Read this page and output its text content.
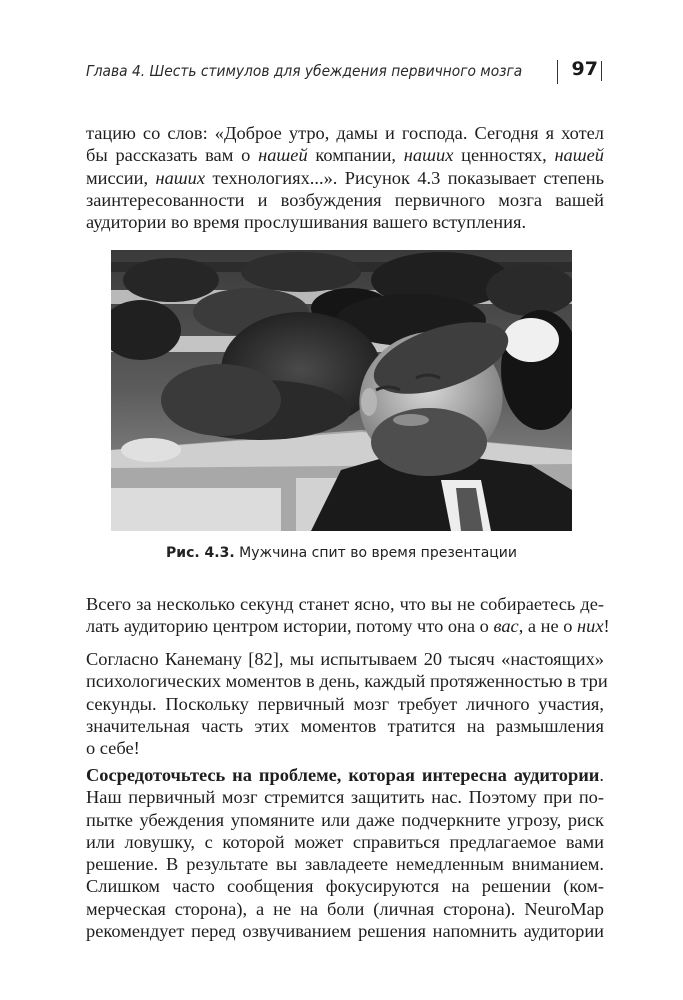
Глава 4. Шесть стимулов для убеждения первичного мозга	97

тацию со слов: «Доброе утро, дамы и господа. Сегодня я хотел
бы рассказать вам о нашей компании, наших ценностях, нашей
миссии, наших технологиях...». Рисунок 4.3 показывает степень
заинтересованности и возбуждения первичного мозга вашей
аудитории во время прослушивания вашего вступления.

Рис. 4.3. Мужчина спит во время презентации

Всего за несколько секунд станет ясно, что вы не собираетесь де-
лать аудиторию центром истории, потому что она о вас, а не о них!

Согласно Канеману [82], мы испытываем 20 тысяч «настоящих»
психологических моментов в день, каждый протяженностью в три
секунды. Поскольку первичный мозг требует личного участия,
значительная часть этих моментов тратится на размышления
о себе!

Сосредоточьтесь на проблеме, которая интересна аудитории.
Наш первичный мозг стремится защитить нас. Поэтому при по-
пытке убеждения упомяните или даже подчеркните угрозу, риск
или ловушку, с которой может справиться предлагаемое вами
решение. В результате вы завладеете немедленным вниманием.
Слишком часто сообщения фокусируются на решении (ком-
мерческая сторона), а не на боли (личная сторона). NeuroMap
рекомендует перед озвучиванием решения напомнить аудитории
